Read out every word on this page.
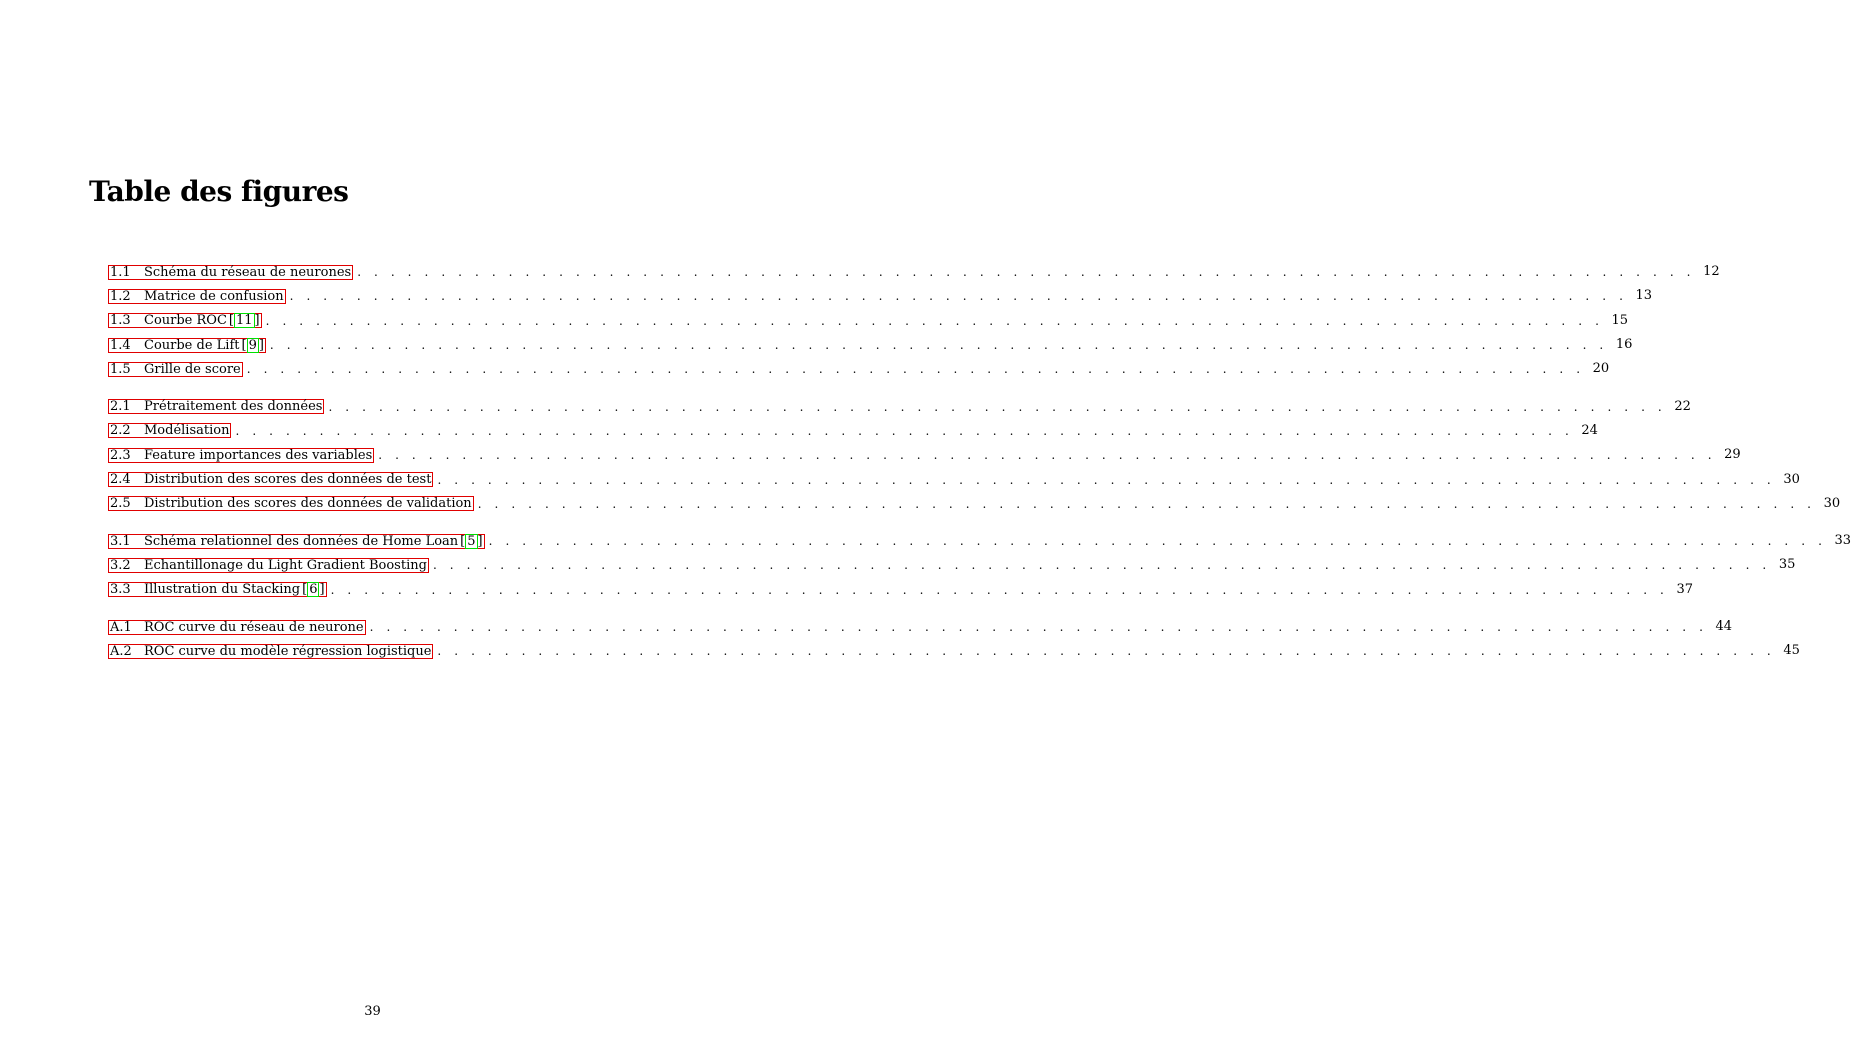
Table des figures
1.1	Schéma du réseau de neurones . . . . . . . . . . . . . . . . . . . . . . . . . . . . . . . . . . . . . . . . . . . . . . . . . . . . . . . . . . . . . . . . . . . . . . . . . . . . . . . . 12
1.2	Matrice de confusion . . . . . . . . . . . . . . . . . . . . . . . . . . . . . . . . . . . . . . . . . . . . . . . . . . . . . . . . . . . . . . . . . . . . . . . . . . . . . . . . 13
1.3	Courbe ROC [ 11 ] . . . . . . . . . . . . . . . . . . . . . . . . . . . . . . . . . . . . . . . . . . . . . . . . . . . . . . . . . . . . . . . . . . . . . . . . . . . . . . . . 15
1.4	Courbe de Lift [ 9 ] . . . . . . . . . . . . . . . . . . . . . . . . . . . . . . . . . . . . . . . . . . . . . . . . . . . . . . . . . . . . . . . . . . . . . . . . . . . . . . . . 16
1.5	Grille de score . . . . . . . . . . . . . . . . . . . . . . . . . . . . . . . . . . . . . . . . . . . . . . . . . . . . . . . . . . . . . . . . . . . . . . . . . . . . . . . . 20
2.1	Prétraitement des données . . . . . . . . . . . . . . . . . . . . . . . . . . . . . . . . . . . . . . . . . . . . . . . . . . . . . . . . . . . . . . . . . . . . . . . . . . . . . . . . 22
2.2	Modélisation . . . . . . . . . . . . . . . . . . . . . . . . . . . . . . . . . . . . . . . . . . . . . . . . . . . . . . . . . . . . . . . . . . . . . . . . . . . . . . . . 24
2.3	Feature importances des variables . . . . . . . . . . . . . . . . . . . . . . . . . . . . . . . . . . . . . . . . . . . . . . . . . . . . . . . . . . . . . . . . . . . . . . . . . . . . . . . . 29
2.4	Distribution des scores des données de test . . . . . . . . . . . . . . . . . . . . . . . . . . . . . . . . . . . . . . . . . . . . . . . . . . . . . . . . . . . . . . . . . . . . . . . . . . . . . . . . 30
2.5	Distribution des scores des données de validation . . . . . . . . . . . . . . . . . . . . . . . . . . . . . . . . . . . . . . . . . . . . . . . . . . . . . . . . . . . . . . . . . . . . . . . . . . . . . . . . 30
3.1	Schéma relationnel des données de Home Loan [ 5 ] . . . . . . . . . . . . . . . . . . . . . . . . . . . . . . . . . . . . . . . . . . . . . . . . . . . . . . . . . . . . . . . . . . . . . . . . . . . . . . . . 33
3.2	Echantillonage du Light Gradient Boosting . . . . . . . . . . . . . . . . . . . . . . . . . . . . . . . . . . . . . . . . . . . . . . . . . . . . . . . . . . . . . . . . . . . . . . . . . . . . . . . . 35
3.3	Illustration du Stacking [ 6 ] . . . . . . . . . . . . . . . . . . . . . . . . . . . . . . . . . . . . . . . . . . . . . . . . . . . . . . . . . . . . . . . . . . . . . . . . . . . . . . . . 37
A.1 ROC curve du réseau de neurone . . . . . . . . . . . . . . . . . . . . . . . . . . . . . . . . . . . . . . . . . . . . . . . . . . . . . . . . . . . . . . . . . . . . . . . . . . . . . . . . 44
A.2 ROC curve du modèle régression logistique . . . . . . . . . . . . . . . . . . . . . . . . . . . . . . . . . . . . . . . . . . . . . . . . . . . . . . . . . . . . . . . . . . . . . . . . . . . . . . . . 45
39
